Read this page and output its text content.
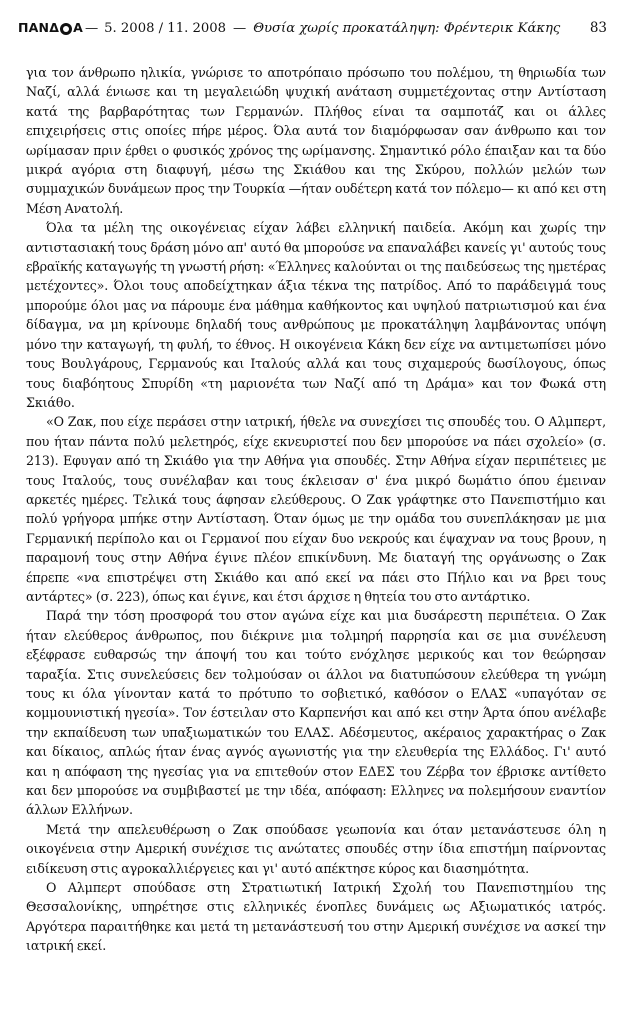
ΠΑΝΔ Α — 5. 2008 / 11. 2008 — Θυσία χωρίς προκατάληψη: Φρέντερικ Κάκης 83

για τον άνθρωπο ηλικία, γνώρισε το αποτρόπαιο πρόσωπο του πολέμου, τη θηριωδία των Ναζί, αλλά ένιωσε και τη μεγαλειώδη ψυχική ανάταση συμμετέχοντας στην Αντίσταση κατά της βαρβαρότητας των Γερμανών. Πλήθος είναι τα σαμποτάζ και οι άλλες επιχειρήσεις στις οποίες πήρε μέρος. Όλα αυτά τον διαμόρφωσαν σαν άνθρωπο και τον ωρίμασαν πριν έρθει ο φυσικός χρόνος της ωρίμανσης. Σημαντικό ρόλο έπαιξαν και τα δύο μικρά αγόρια στη διαφυγή, μέσω της Σκιάθου και της Σκύρου, πολλών μελών των συμμαχικών δυνάμεων προς την Τουρκία —ήταν ουδέτερη κατά τον πόλεμο— κι από κει στη Μέση Ανατολή.

Όλα τα μέλη της οικογένειας είχαν λάβει ελληνική παιδεία. Ακόμη και χωρίς την αντιστασιακή τους δράση μόνο απ' αυτό θα μπορούσε να επαναλάβει κανείς γι' αυτούς τους εβραϊκής καταγωγής τη γνωστή ρήση: «Έλληνες καλούνται οι της παιδεύσεως της ημετέρας μετέχοντες». Όλοι τους αποδείχτηκαν άξια τέκνα της πατρίδος. Από το παράδειγμά τους μπορούμε όλοι μας να πάρουμε ένα μάθημα καθήκοντος και υψηλού πατριωτισμού και ένα δίδαγμα, να μη κρίνουμε δηλαδή τους ανθρώπους με προκατάληψη λαμβάνοντας υπόψη μόνο την καταγωγή, τη φυλή, το έθνος. Η οικογένεια Κάκη δεν είχε να αντιμετωπίσει μόνο τους Βουλγάρους, Γερμανούς και Ιταλούς αλλά και τους σιχαμερούς δωσίλογους, όπως τους διαβόητους Σπυρίδη «τη μαριονέτα των Ναζί από τη Δράμα» και τον Φωκά στη Σκιάθο.

«Ο Ζακ, που είχε περάσει στην ιατρική, ήθελε να συνεχίσει τις σπουδές του. Ο Αλμπερτ, που ήταν πάντα πολύ μελετηρός, είχε εκνευριστεί που δεν μπορούσε να πάει σχολείο» (σ. 213). Εφυγαν από τη Σκιάθο για την Αθήνα για σπουδές. Στην Αθήνα είχαν περιπέτειες με τους Ιταλούς, τους συνέλαβαν και τους έκλεισαν σ' ένα μικρό δωμάτιο όπου έμειναν αρκετές ημέρες. Τελικά τους άφησαν ελεύθερους. Ο Ζακ γράφτηκε στο Πανεπιστήμιο και πολύ γρήγορα μπήκε στην Αντίσταση. Όταν όμως με την ομάδα του συνεπλάκησαν με μια Γερμανική περίπολο και οι Γερμανοί που είχαν δυο νεκρούς και έψαχναν να τους βρουν, η παραμονή τους στην Αθήνα έγινε πλέον επικίνδυνη. Με διαταγή της οργάνωσης ο Ζακ έπρεπε «να επιστρέψει στη Σκιάθο και από εκεί να πάει στο Πήλιο και να βρει τους αντάρτες» (σ. 223), όπως και έγινε, και έτσι άρχισε η θητεία του στο αντάρτικο.

Παρά την τόση προσφορά του στον αγώνα είχε και μια δυσάρεστη περιπέτεια. Ο Ζακ ήταν ελεύθερος άνθρωπος, που διέκρινε μια τολμηρή παρρησία και σε μια συνέλευση εξέφρασε ευθαρσώς την άποψή του και τούτο ενόχλησε μερικούς και τον θεώρησαν ταραξία. Στις συνελεύσεις δεν τολμούσαν οι άλλοι να διατυπώσουν ελεύθερα τη γνώμη τους κι όλα γίνονταν κατά το πρότυπο το σοβιετικό, καθόσον ο ΕΛΑΣ «υπαγόταν σε κομμουνιστική ηγεσία». Τον έστειλαν στο Καρπενήσι και από κει στην Άρτα όπου ανέλαβε την εκπαίδευση των υπαξιωματικών του ΕΛΑΣ. Αδέσμευτος, ακέραιος χαρακτήρας ο Ζακ και δίκαιος, απλώς ήταν ένας αγνός αγωνιστής για την ελευθερία της Ελλάδος. Γι' αυτό και η απόφαση της ηγεσίας για να επιτεθούν στον ΕΔΕΣ του Ζέρβα τον έβρισκε αντίθετο και δεν μπορούσε να συμβιβαστεί με την ιδέα, απόφαση: Ελληνες να πολεμήσουν εναντίον άλλων Ελλήνων.

Μετά την απελευθέρωση ο Ζακ σπούδασε γεωπονία και όταν μετανάστευσε όλη η οικογένεια στην Αμερική συνέχισε τις ανώτατες σπουδές στην ίδια επιστήμη παίρνοντας ειδίκευση στις αγροκαλλιέργειες και γι' αυτό απέκτησε κύρος και διασημότητα.

Ο Αλμπερτ σπούδασε στη Στρατιωτική Ιατρική Σχολή του Πανεπιστημίου της Θεσσαλονίκης, υπηρέτησε στις ελληνικές ένοπλες δυνάμεις ως Αξιωματικός ιατρός. Αργότερα παραιτήθηκε και μετά τη μετανάστευσή του στην Αμερική συνέχισε να ασκεί την ιατρική εκεί.
